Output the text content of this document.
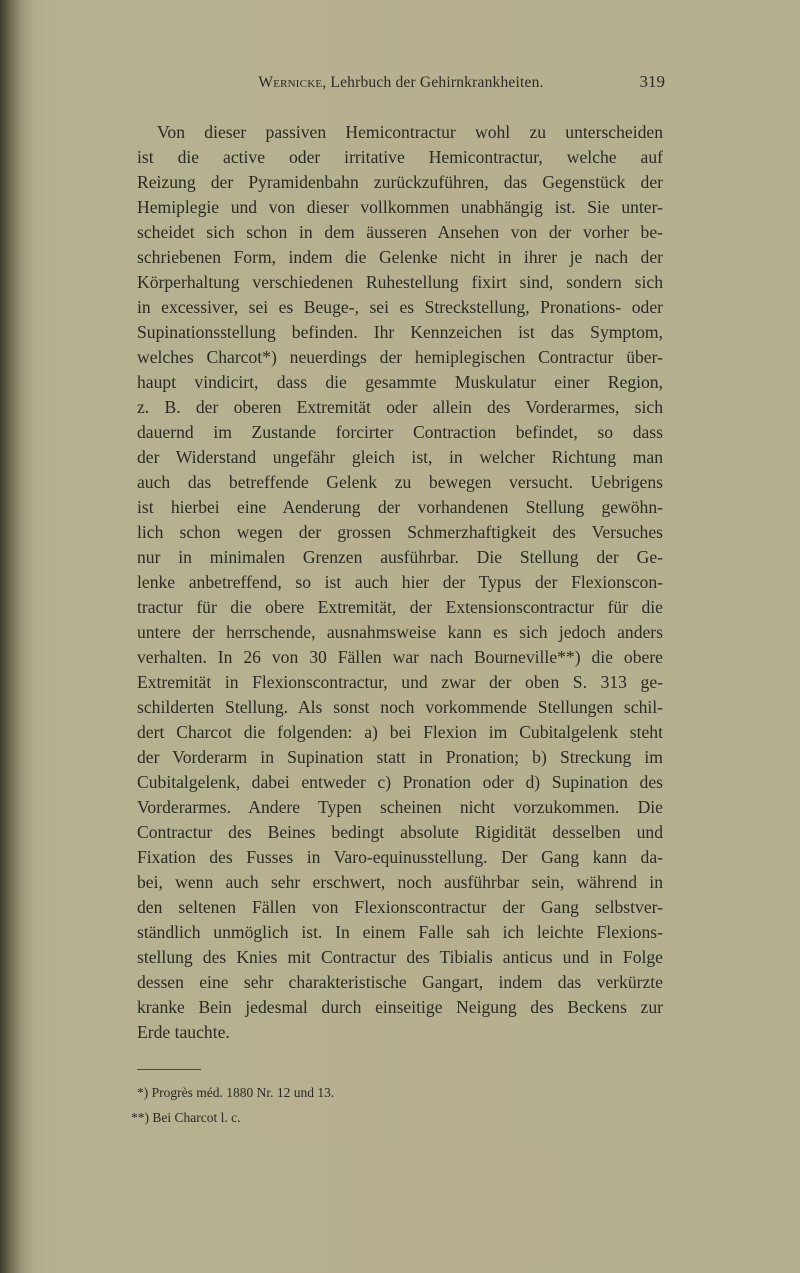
Wernicke, Lehrbuch der Gehirnkrankheiten.	319
Von dieser passiven Hemicontractur wohl zu unterscheiden
ist die active oder irritative Hemicontractur, welche auf
Reizung der Pyramidenbahn zurückzuführen, das Gegenstück der
Hemiplegie und von dieser vollkommen unabhängig ist. Sie unter-
scheidet sich schon in dem äusseren Ansehen von der vorher be-
schriebenen Form, indem die Gelenke nicht in ihrer je nach der
Körperhaltung verschiedenen Ruhestellung fixirt sind, sondern sich
in excessiver, sei es Beuge-, sei es Streckstellung, Pronations- oder
Supinationsstellung befinden. Ihr Kennzeichen ist das Symptom,
welches Charcot*) neuerdings der hemiplegischen Contractur über-
haupt vindicirt, dass die gesammte Muskulatur einer Region,
z. B. der oberen Extremität oder allein des Vorderarmes, sich
dauernd im Zustande forcirter Contraction befindet, so dass
der Widerstand ungefähr gleich ist, in welcher Richtung man
auch das betreffende Gelenk zu bewegen versucht. Uebrigens
ist hierbei eine Aenderung der vorhandenen Stellung gewöhn-
lich schon wegen der grossen Schmerzhaftigkeit des Versuches
nur in minimalen Grenzen ausführbar. Die Stellung der Ge-
lenke anbetreffend, so ist auch hier der Typus der Flexionscon-
tractur für die obere Extremität, der Extensionscontractur für die
untere der herrschende, ausnahmsweise kann es sich jedoch anders
verhalten. In 26 von 30 Fällen war nach Bourneville**) die obere
Extremität in Flexionscontractur, und zwar der oben S. 313 ge-
schilderten Stellung. Als sonst noch vorkommende Stellungen schil-
dert Charcot die folgenden: a) bei Flexion im Cubitalgelenk steht
der Vorderarm in Supination statt in Pronation; b) Streckung im
Cubitalgelenk, dabei entweder c) Pronation oder d) Supination des
Vorderarmes. Andere Typen scheinen nicht vorzukommen. Die
Contractur des Beines bedingt absolute Rigidität desselben und
Fixation des Fusses in Varo-equinusstellung. Der Gang kann da-
bei, wenn auch sehr erschwert, noch ausführbar sein, während in
den seltenen Fällen von Flexionscontractur der Gang selbstver-
ständlich unmöglich ist. In einem Falle sah ich leichte Flexions-
stellung des Knies mit Contractur des Tibialis anticus und in Folge
dessen eine sehr charakteristische Gangart, indem das verkürzte
kranke Bein jedesmal durch einseitige Neigung des Beckens zur
Erde tauchte.
*) Progrès méd. 1880 Nr. 12 und 13.
**) Bei Charcot l. c.
